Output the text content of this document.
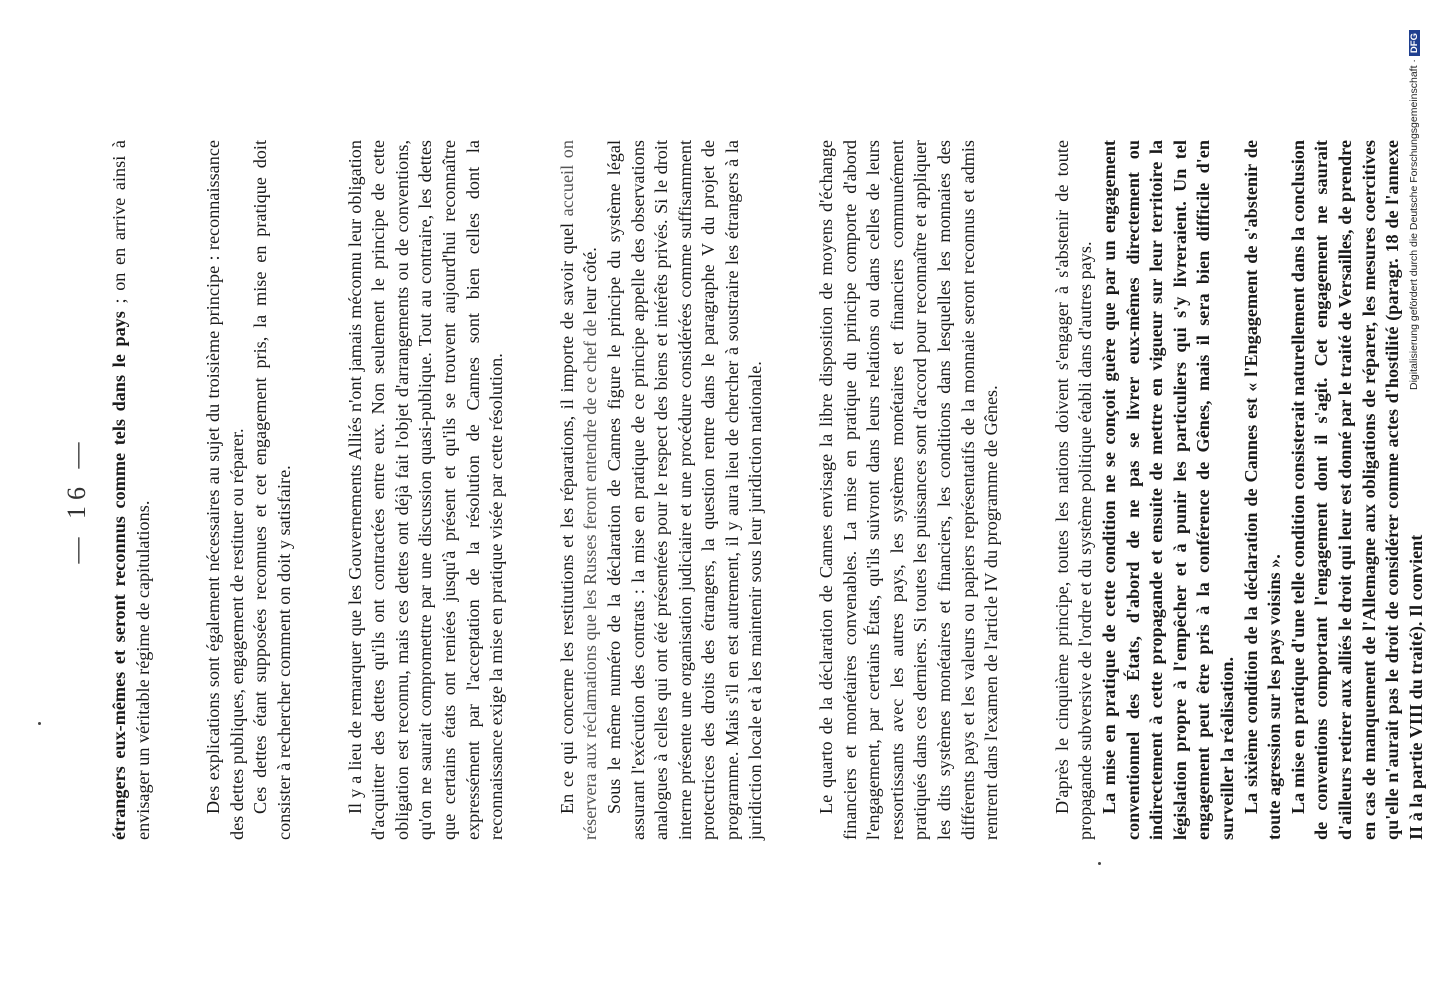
— 16 — étrangers eux-mêmes et seront reconnus comme tels dans le pays ; on en arrive ainsi à envisager un véritable régime de capitulations.	Des explications sont également nécessaires au sujet du troisième principe : reconnaissance des dettes publiques, engagement de restituer ou réparer. Ces dettes étant supposées reconnues et cet engagement pris, la mise en pratique doit consister à rechercher comment on doit y satisfaire.	Il y a lieu de remarquer que les Gouvernements Alliés n'ont jamais méconnu leur obligation d'acquitter des dettes qu'ils ont contractées entre eux. Non seulement le principe de cette obligation est reconnu, mais ces dettes ont déjà fait l'objet d'arrangements ou de conventions, qu'on ne saurait compromettre par une discussion quasi-publique. Tout au contraire, les dettes que certains états ont reniées jusqu'à présent et qu'ils se trouvent aujourd'hui reconnaître expressément par l'acceptation de la résolution de Cannes sont bien celles dont la reconnaissance exige la mise en pratique visée par cette résolution.	En ce qui concerne les restitutions et les réparations, il importe de savoir quel accueil on réservera aux réclamations que les Russes feront entendre de ce chef de leur côté. Sous le même numéro de la déclaration de Cannes figure le principe du système légal assurant l'exécution des contrats : la mise en pratique de ce principe appelle des observations analogues à celles qui ont été présentées pour le respect des biens et intérêts privés. Si le droit interne présente une organisation judiciaire et une procédure considérées comme suffisamment protectrices des droits des étrangers, la question rentre dans le paragraphe V du projet de programme. Mais s'il en est autrement, il y aura lieu de chercher à soustraire les étrangers à la juridiction locale et à les maintenir sous leur juridiction nationale.	Le quarto de la déclaration de Cannes envisage la libre disposition de moyens d'échange financiers et monétaires convenables. La mise en pratique du principe comporte d'abord l'engagement, par certains États, qu'ils suivront dans leurs relations ou dans celles de leurs ressortissants avec les autres pays, les systèmes monétaires et financiers communément pratiqués dans ces derniers. Si toutes les puissances sont d'accord pour reconnaître et appliquer les dits systèmes monétaires et financiers, les conditions dans lesquelles les monnaies des différents pays et les valeurs ou papiers représentatifs de la monnaie seront reconnus et admis rentrent dans l'examen de l'article IV du programme de Gênes.	D'après le cinquième principe, toutes les nations doivent s'engager à s'abstenir de toute propagande subversive de l'ordre et du système politique établi dans d'autres pays. La mise en pratique de cette condition ne se conçoit guère que par un engagement conventionnel des États, d'abord de ne pas se livrer eux-mêmes directement ou indirectement à cette propagande et ensuite de mettre en vigueur sur leur territoire la législation propre à l'empêcher et à punir les particuliers qui s'y livreraient. Un tel engagement peut être pris à la conférence de Gênes, mais il sera bien difficile d'en surveiller la réalisation. La sixième condition de la déclaration de Cannes est « l'Engagement de s'abstenir de toute agression sur les pays voisins ». La mise en pratique d'une telle condition consisterait naturellement dans la conclusion de conventions comportant l'engagement dont il s'agit. Cet engagement ne saurait d'ailleurs retirer aux alliés le droit qui leur est donné par le traité de Versailles, de prendre en cas de manquement de l'Allemagne aux obligations de réparer, les mesures coercitives qu'elle n'aurait pas le droit de considérer comme actes d'hostilité (paragr. 18 de l'annexe II à la partie VIII du traité). Il convient

Digitalisierung gefördert durch die Deutsche Forschungsgemeinschaft ·DFG
